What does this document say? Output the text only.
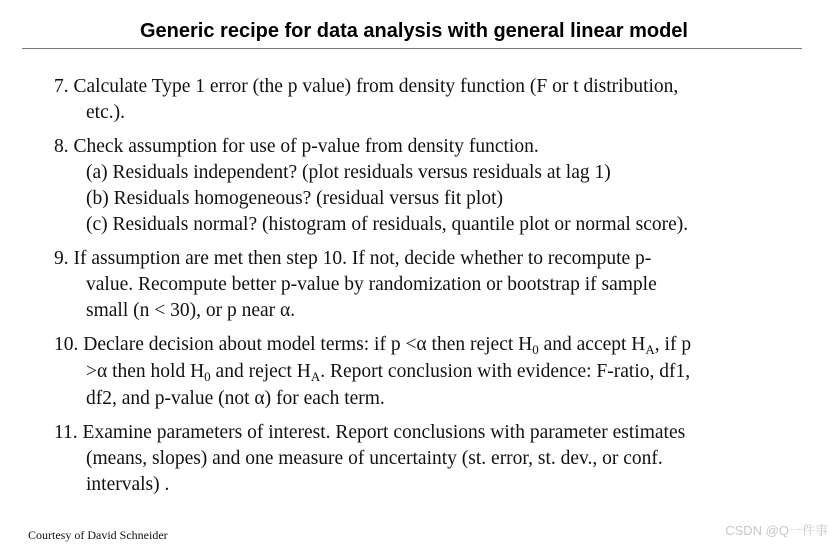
Generic recipe for data analysis with general linear model
7. Calculate Type 1 error (the p value) from density function (F or t distribution,
etc.).
8. Check assumption for use of p-value from density function.
(a) Residuals independent? (plot residuals versus residuals at lag 1)
(b) Residuals homogeneous? (residual versus fit plot)
(c) Residuals normal? (histogram of residuals, quantile plot or normal score).
9. If assumption are met then step 10. If not, decide whether to recompute p-
value. Recompute better p-value by randomization or bootstrap if sample
small (n < 30), or p near α.
10. Declare decision about model terms: if p <α then reject $H_0$ and accept $H_A$, if p
>α then hold $H_0$ and reject $H_A$. Report conclusion with evidence: F-ratio, df1,
df2, and p-value (not α) for each term.
11. Examine parameters of interest. Report conclusions with parameter estimates
(means, slopes) and one measure of uncertainty (st. error, st. dev., or conf.
intervals) .
Courtesy of David Schneider	CSDN @Q一件事
